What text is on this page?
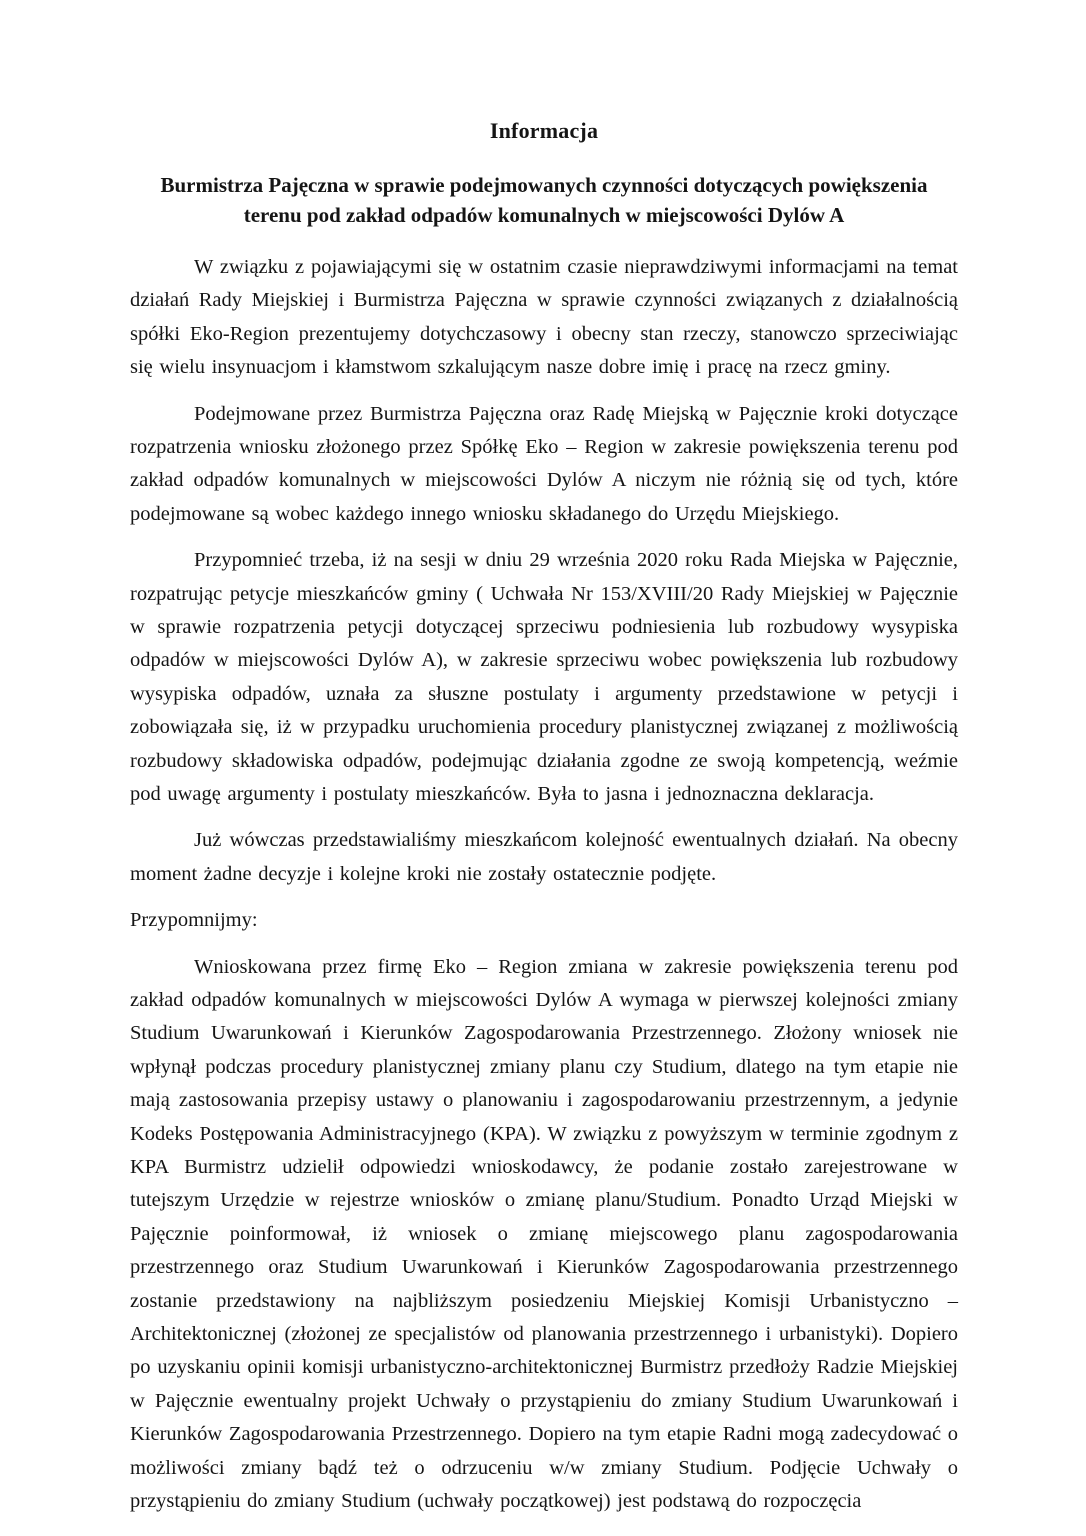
Informacja
Burmistrza Pajęczna w sprawie podejmowanych czynności dotyczących powiększenia terenu pod zakład odpadów komunalnych w miejscowości Dylów A

W związku z pojawiającymi się w ostatnim czasie nieprawdziwymi informacjami na temat działań Rady Miejskiej i Burmistrza Pajęczna w sprawie czynności związanych z działalnością spółki Eko-Region prezentujemy dotychczasowy i obecny stan rzeczy, stanowczo sprzeciwiając się wielu insynuacjom i kłamstwom szkalującym nasze dobre imię i pracę na rzecz gminy.

Podejmowane przez Burmistrza Pajęczna oraz Radę Miejską w Pajęcznie kroki dotyczące rozpatrzenia wniosku złożonego przez Spółkę Eko – Region w zakresie powiększenia terenu pod zakład odpadów komunalnych w miejscowości Dylów A niczym nie różnią się od tych, które podejmowane są wobec każdego innego wniosku składanego do Urzędu Miejskiego.

Przypomnieć trzeba, iż na sesji w dniu 29 września 2020 roku Rada Miejska w Pajęcznie, rozpatrując petycje mieszkańców gminy ( Uchwała Nr 153/XVIII/20 Rady Miejskiej w Pajęcznie w sprawie rozpatrzenia petycji dotyczącej sprzeciwu podniesienia lub rozbudowy wysypiska odpadów w miejscowości Dylów A), w zakresie sprzeciwu wobec powiększenia lub rozbudowy wysypiska odpadów, uznała za słuszne postulaty i argumenty przedstawione w petycji i zobowiązała się, iż w przypadku uruchomienia procedury planistycznej związanej z możliwością rozbudowy składowiska odpadów, podejmując działania zgodne ze swoją kompetencją, weźmie pod uwagę argumenty i postulaty mieszkańców. Była to jasna i jednoznaczna deklaracja.

Już wówczas przedstawialiśmy mieszkańcom kolejność ewentualnych działań. Na obecny moment żadne decyzje i kolejne kroki nie zostały ostatecznie podjęte.

Przypomnijmy:

Wnioskowana przez firmę Eko – Region zmiana w zakresie powiększenia terenu pod zakład odpadów komunalnych w miejscowości Dylów A wymaga w pierwszej kolejności zmiany Studium Uwarunkowań i Kierunków Zagospodarowania Przestrzennego. Złożony wniosek nie wpłynął podczas procedury planistycznej zmiany planu czy Studium, dlatego na tym etapie nie mają zastosowania przepisy ustawy o planowaniu i zagospodarowaniu przestrzennym, a jedynie Kodeks Postępowania Administracyjnego (KPA). W związku z powyższym w terminie zgodnym z KPA Burmistrz udzielił odpowiedzi wnioskodawcy, że podanie zostało zarejestrowane w tutejszym Urzędzie w rejestrze wniosków o zmianę planu/Studium. Ponadto Urząd Miejski w Pajęcznie poinformował, iż wniosek o zmianę miejscowego planu zagospodarowania przestrzennego oraz Studium Uwarunkowań i Kierunków Zagospodarowania przestrzennego zostanie przedstawiony na najbliższym posiedzeniu Miejskiej Komisji Urbanistyczno – Architektonicznej (złożonej ze specjalistów od planowania przestrzennego i urbanistyki). Dopiero po uzyskaniu opinii komisji urbanistyczno-architektonicznej Burmistrz przedłoży Radzie Miejskiej w Pajęcznie ewentualny projekt Uchwały o przystąpieniu do zmiany Studium Uwarunkowań i Kierunków Zagospodarowania Przestrzennego. Dopiero na tym etapie Radni mogą zadecydować o możliwości zmiany bądź też o odrzuceniu w/w zmiany Studium. Podjęcie Uchwały o przystąpieniu do zmiany Studium (uchwały początkowej) jest podstawą do rozpoczęcia
